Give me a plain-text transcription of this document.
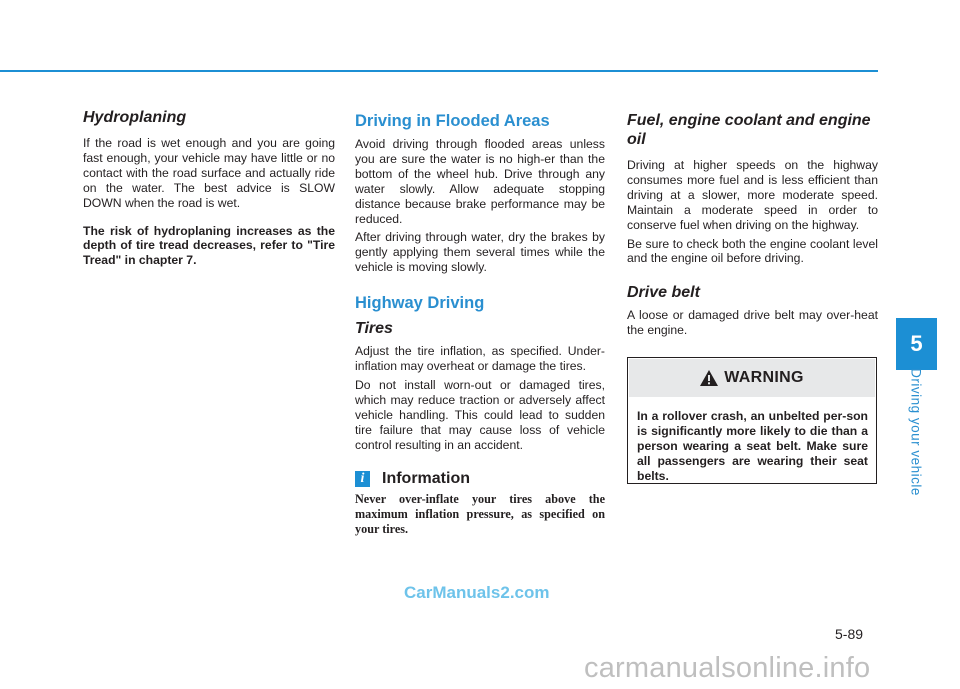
Hydroplaning

If the road is wet enough and you are going fast enough, your vehicle may have little or no contact with the road surface and actually ride on the water. The best advice is SLOW DOWN when the road is wet.

The risk of hydroplaning increases as the depth of tire tread decreases, refer to "Tire Tread" in chapter 7.

Driving in Flooded Areas

Avoid driving through flooded areas unless you are sure the water is no high-er than the bottom of the wheel hub. Drive through any water slowly. Allow adequate stopping distance because brake performance may be reduced.

After driving through water, dry the brakes by gently applying them several times while the vehicle is moving slowly.

Highway Driving
Tires

Adjust the tire inflation, as specified. Under-inflation may overheat or damage the tires.

Do not install worn-out or damaged tires, which may reduce traction or adversely affect vehicle handling. This could lead to sudden tire failure that may cause loss of vehicle control resulting in an accident.

i	Information
Never over-inflate your tires above the maximum inflation pressure, as specified on your tires.
Fuel, engine coolant and engine oil

Driving at higher speeds on the highway consumes more fuel and is less efficient than driving at a slower, more moderate speed. Maintain a moderate speed in order to conserve fuel when driving on the highway.

Be sure to check both the engine coolant level and the engine oil before driving.

Drive belt

A loose or damaged drive belt may over-heat the engine.

WARNING
In a rollover crash, an unbelted per-son is significantly more likely to die than a person wearing a seat belt. Make sure all passengers are wearing their seat belts.
5
Driving your vehicle
5-89
CarManuals2.com
carmanualsonline.info
